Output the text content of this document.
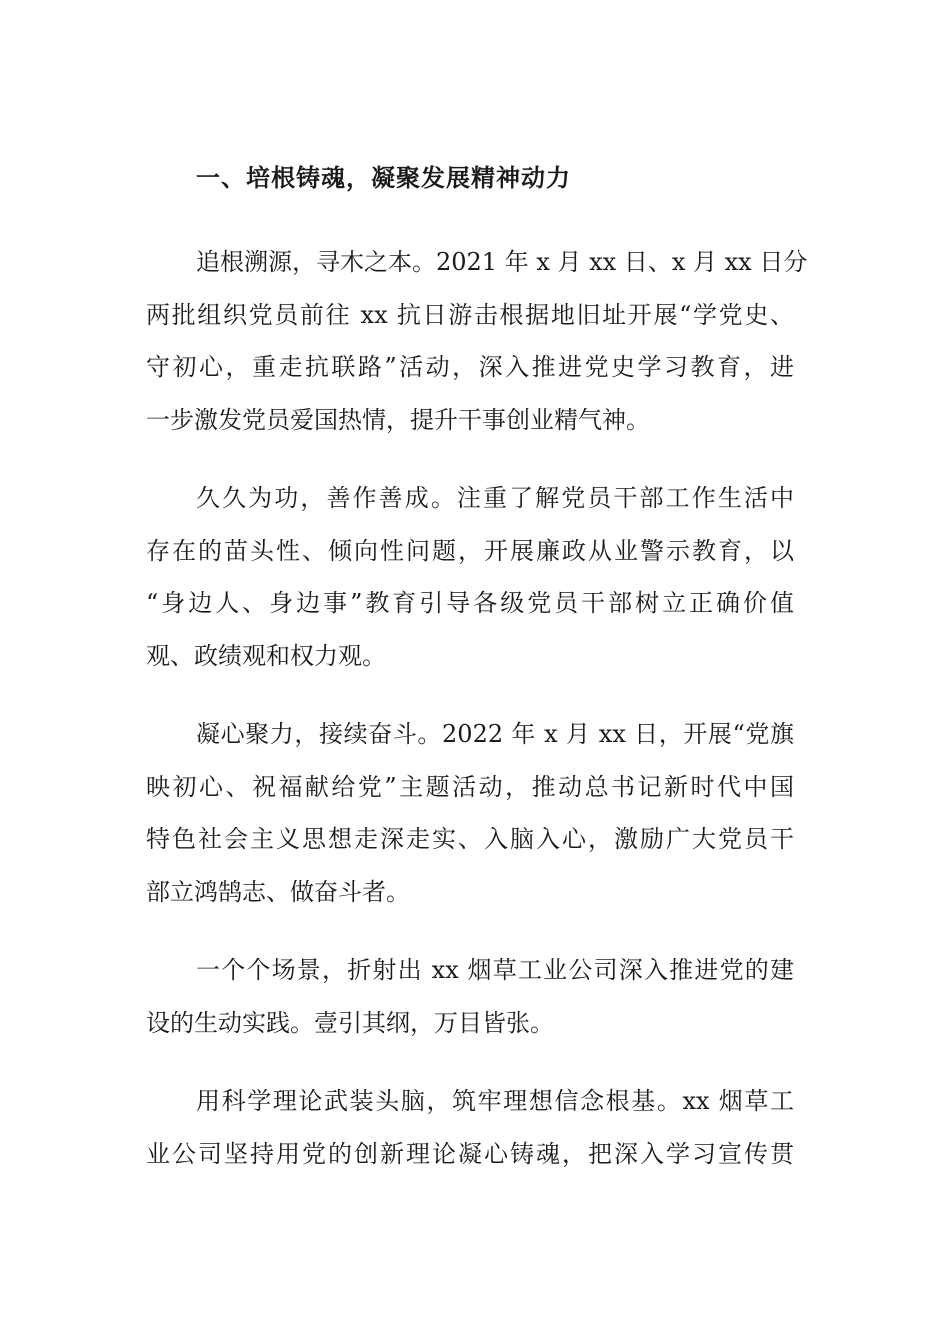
一、培根铸魂，凝聚发展精神动力
追根溯源，寻木之本。2021 年 x 月 xx 日、x 月 xx 日分
两批组织党员前往 xx 抗日游击根据地旧址开展“学党史、
守初心，重走抗联路”活动，深入推进党史学习教育，进
一步激发党员爱国热情，提升干事创业精气神。
久久为功，善作善成。注重了解党员干部工作生活中
存在的苗头性、倾向性问题，开展廉政从业警示教育，以
“身边人、身边事”教育引导各级党员干部树立正确价值
观、政绩观和权力观。
凝心聚力，接续奋斗。2022 年 x 月 xx 日，开展“党旗
映初心、祝福献给党”主题活动，推动总书记新时代中国
特色社会主义思想走深走实、入脑入心，激励广大党员干
部立鸿鹄志、做奋斗者。
一个个场景，折射出 xx 烟草工业公司深入推进党的建
设的生动实践。壹引其纲，万目皆张。
用科学理论武装头脑，筑牢理想信念根基。xx 烟草工
业公司坚持用党的创新理论凝心铸魂，把深入学习宣传贯
